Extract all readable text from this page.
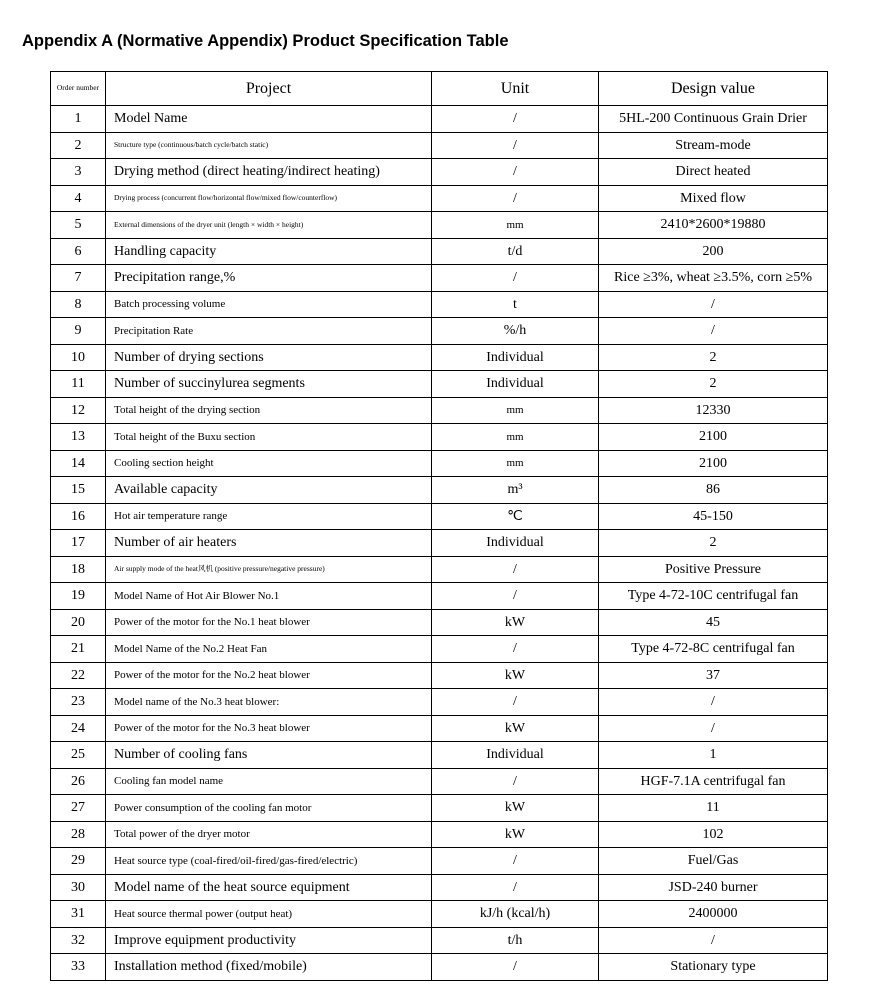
Appendix A (Normative Appendix) Product Specification Table
Order number	Project	Unit	Design value
1	Model Name	/	5HL-200 Continuous Grain Drier
2	Structure type (continuous/batch cycle/batch static)	/	Stream-mode
3	Drying method (direct heating/indirect heating)	/	Direct heated
4	Drying process (concurrent flow/horizontal flow/mixed flow/counterflow)	/	Mixed flow
5	External dimensions of the dryer unit (length × width × height)	mm	2410*2600*19880
6	Handling capacity	t/d	200
7	Precipitation range,%	/	Rice ≥3%, wheat ≥3.5%, corn ≥5%
8	Batch processing volume	t	/
9	Precipitation Rate	%/h	/
10	Number of drying sections	Individual	2
11	Number of succinylurea segments	Individual	2
12	Total height of the drying section	mm	12330
13	Total height of the Buxu section	mm	2100
14	Cooling section height	mm	2100
15	Available capacity	m³	86
16	Hot air temperature range	℃	45-150
17	Number of air heaters	Individual	2
18	Air supply mode of the heat风机 (positive pressure/negative pressure)	/	Positive Pressure
19	Model Name of Hot Air Blower No.1	/	Type 4-72-10C centrifugal fan
20	Power of the motor for the No.1 heat blower	kW	45
21	Model Name of the No.2 Heat Fan	/	Type 4-72-8C centrifugal fan
22	Power of the motor for the No.2 heat blower	kW	37
23	Model name of the No.3 heat blower:	/	/
24	Power of the motor for the No.3 heat blower	kW	/
25	Number of cooling fans	Individual	1
26	Cooling fan model name	/	HGF-7.1A centrifugal fan
27	Power consumption of the cooling fan motor	kW	11
28	Total power of the dryer motor	kW	102
29	Heat source type (coal-fired/oil-fired/gas-fired/electric)	/	Fuel/Gas
30	Model name of the heat source equipment	/	JSD-240 burner
31	Heat source thermal power (output heat)	kJ/h (kcal/h)	2400000
32	Improve equipment productivity	t/h	/
33	Installation method (fixed/mobile)	/	Stationary type
